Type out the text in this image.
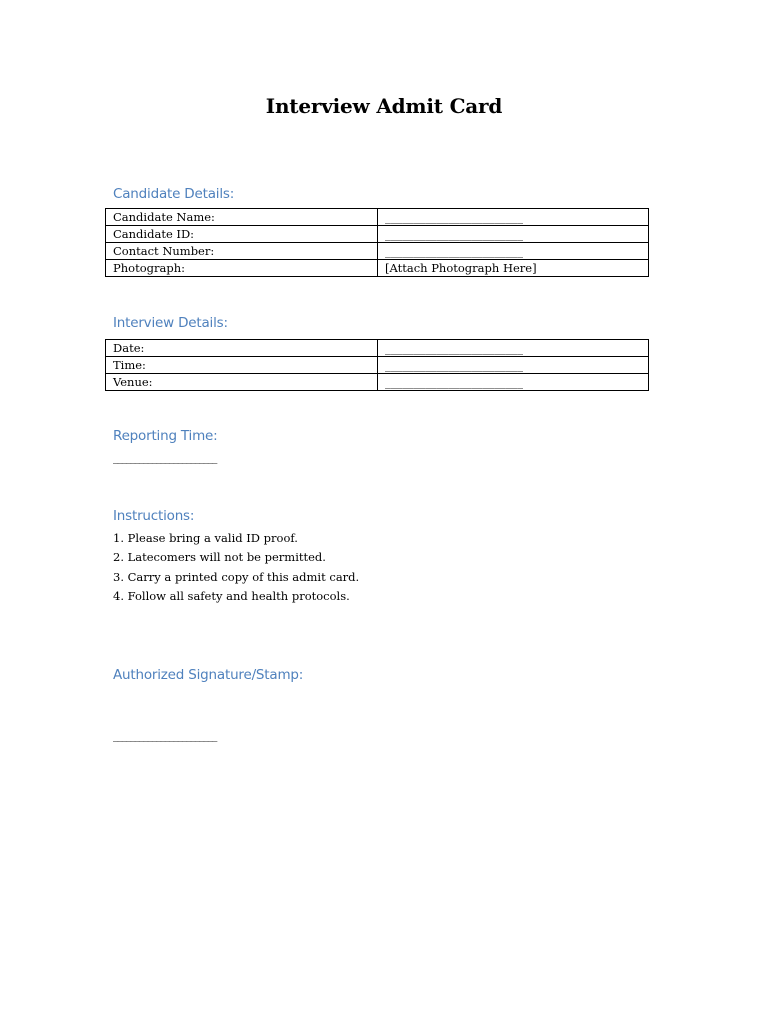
Interview Admit Card
Candidate Details:
Candidate Name:	________________________
Candidate ID:	________________________
Contact Number:	________________________
Photograph:	[Attach Photograph Here]
Interview Details:
Date:	________________________
Time:	________________________
Venue:	________________________
Reporting Time:
________________________
Instructions:
1. Please bring a valid ID proof.
2. Latecomers will not be permitted.
3. Carry a printed copy of this admit card.
4. Follow all safety and health protocols.
Authorized Signature/Stamp:
________________________
